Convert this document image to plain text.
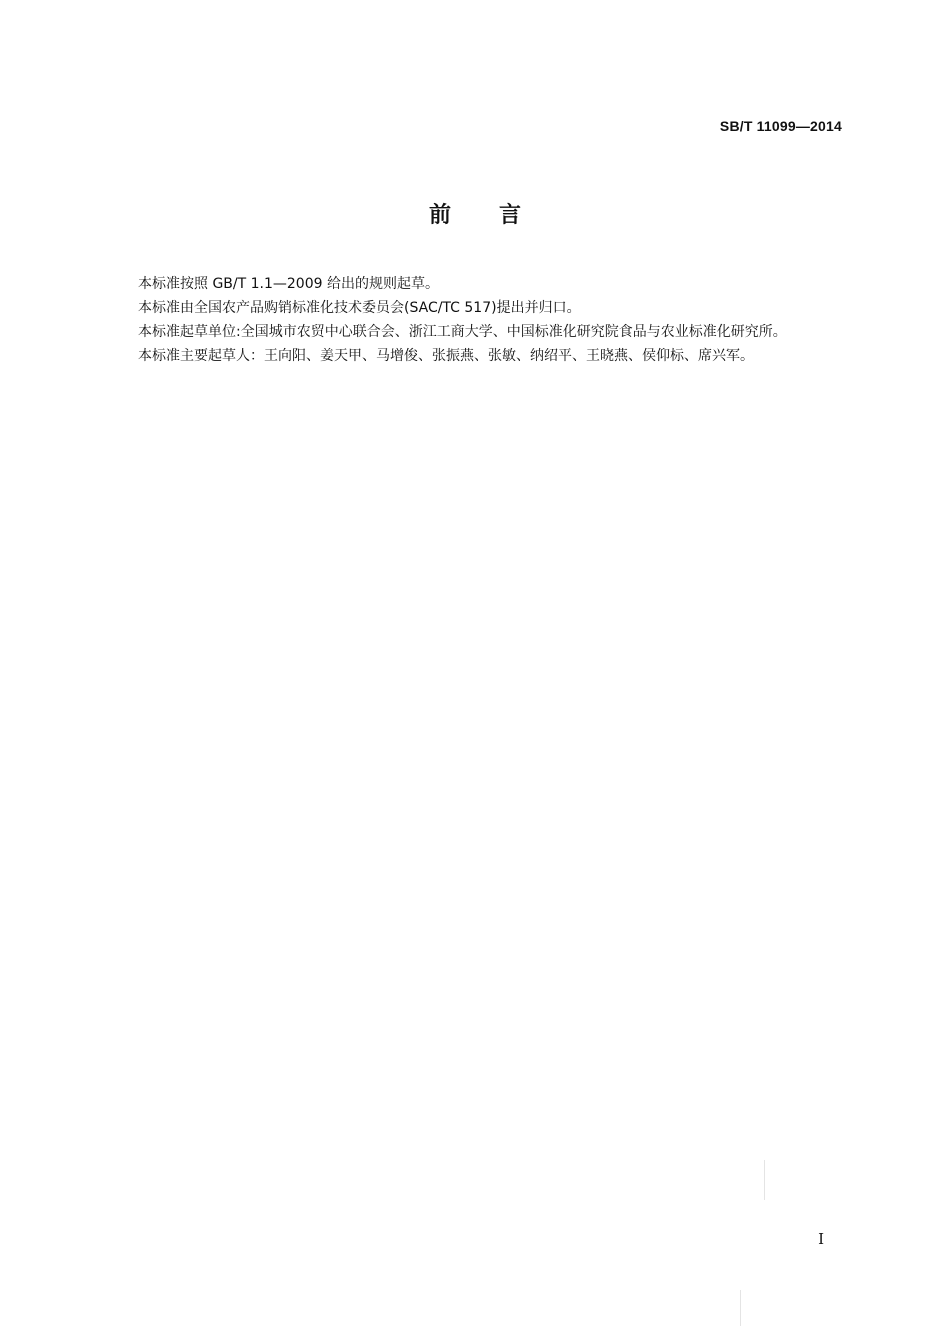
SB/T 11099—2014
前言

本标准按照 GB/T 1.1—2009 给出的规则起草。

本标准由全国农产品购销标准化技术委员会(SAC/TC 517)提出并归口。

本标准起草单位:全国城市农贸中心联合会、浙江工商大学、中国标准化研究院食品与农业标准化研究所。

本标准主要起草人：王向阳、姜天甲、马增俊、张振燕、张敏、纳绍平、王晓燕、侯仰标、席兴军。

I
